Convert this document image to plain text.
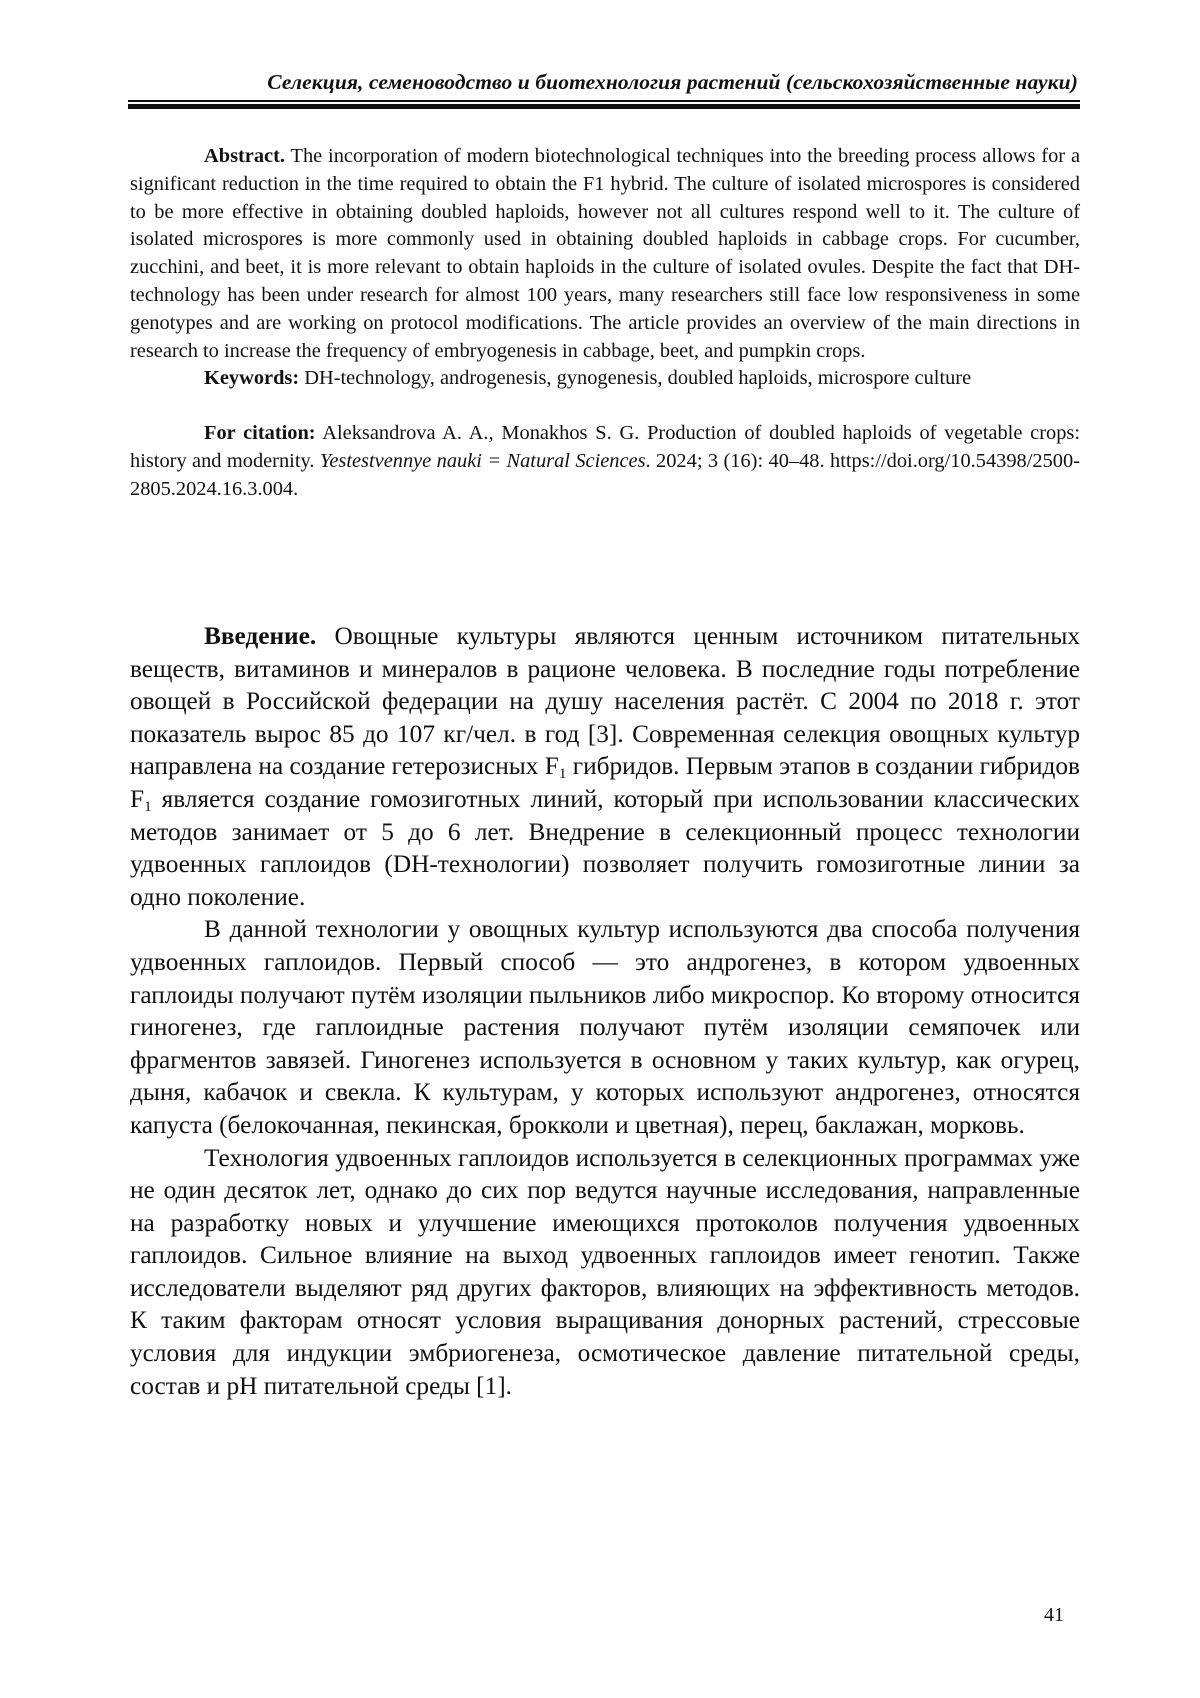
Селекция, семеноводство и биотехнология растений (сельскохозяйственные науки)

Abstract. The incorporation of modern biotechnological techniques into the breeding process allows for a significant reduction in the time required to obtain the F1 hybrid. The culture of isolated microspores is considered to be more effective in obtaining doubled haploids, however not all cultures respond well to it. The culture of isolated microspores is more commonly used in obtaining doubled haploids in cabbage crops. For cucumber, zucchini, and beet, it is more relevant to obtain haploids in the culture of isolated ovules. Despite the fact that DH-technology has been under research for almost 100 years, many researchers still face low responsiveness in some genotypes and are working on protocol modifications. The article provides an overview of the main directions in research to increase the frequency of embryogenesis in cabbage, beet, and pumpkin crops.

Keywords: DH-technology, androgenesis, gynogenesis, doubled haploids, microspore culture

For citation: Aleksandrova A. A., Monakhos S. G. Production of doubled haploids of vegetable crops: history and modernity. Yestestvennye nauki = Natural Sciences. 2024; 3 (16): 40–48. https://doi.org/10.54398/2500-2805.2024.16.3.004.

Введение. Овощные культуры являются ценным источником питательных веществ, витаминов и минералов в рационе человека. В последние годы потребление овощей в Российской федерации на душу населения растёт. С 2004 по 2018 г. этот показатель вырос 85 до 107 кг/чел. в год [3]. Современная селекция овощных культур направлена на создание гетерозисных $F_1$ гибридов. Первым этапов в создании гибридов $F_1$ является создание гомозиготных линий, который при использовании классических методов занимает от 5 до 6 лет. Внедрение в селекционный процесс технологии удвоенных гаплоидов (DH-технологии) позволяет получить гомозиготные линии за одно поколение.

В данной технологии у овощных культур используются два способа получения удвоенных гаплоидов. Первый способ — это андрогенез, в котором удвоенных гаплоиды получают путём изоляции пыльников либо микроспор. Ко второму относится гиногенез, где гаплоидные растения получают путём изоляции семяпочек или фрагментов завязей. Гиногенез используется в основном у таких культур, как огурец, дыня, кабачок и свекла. К культурам, у которых используют андрогенез, относятся капуста (белокочанная, пекинская, брокколи и цветная), перец, баклажан, морковь.

Технология удвоенных гаплоидов используется в селекционных программах уже не один десяток лет, однако до сих пор ведутся научные исследования, направленные на разработку новых и улучшение имеющихся протоколов получения удвоенных гаплоидов. Сильное влияние на выход удвоенных гаплоидов имеет генотип. Также исследователи выделяют ряд других факторов, влияющих на эффективность методов. К таким факторам относят условия выращивания донорных растений, стрессовые условия для индукции эмбриогенеза, осмотическое давление питательной среды, состав и рН питательной среды [1].

41
